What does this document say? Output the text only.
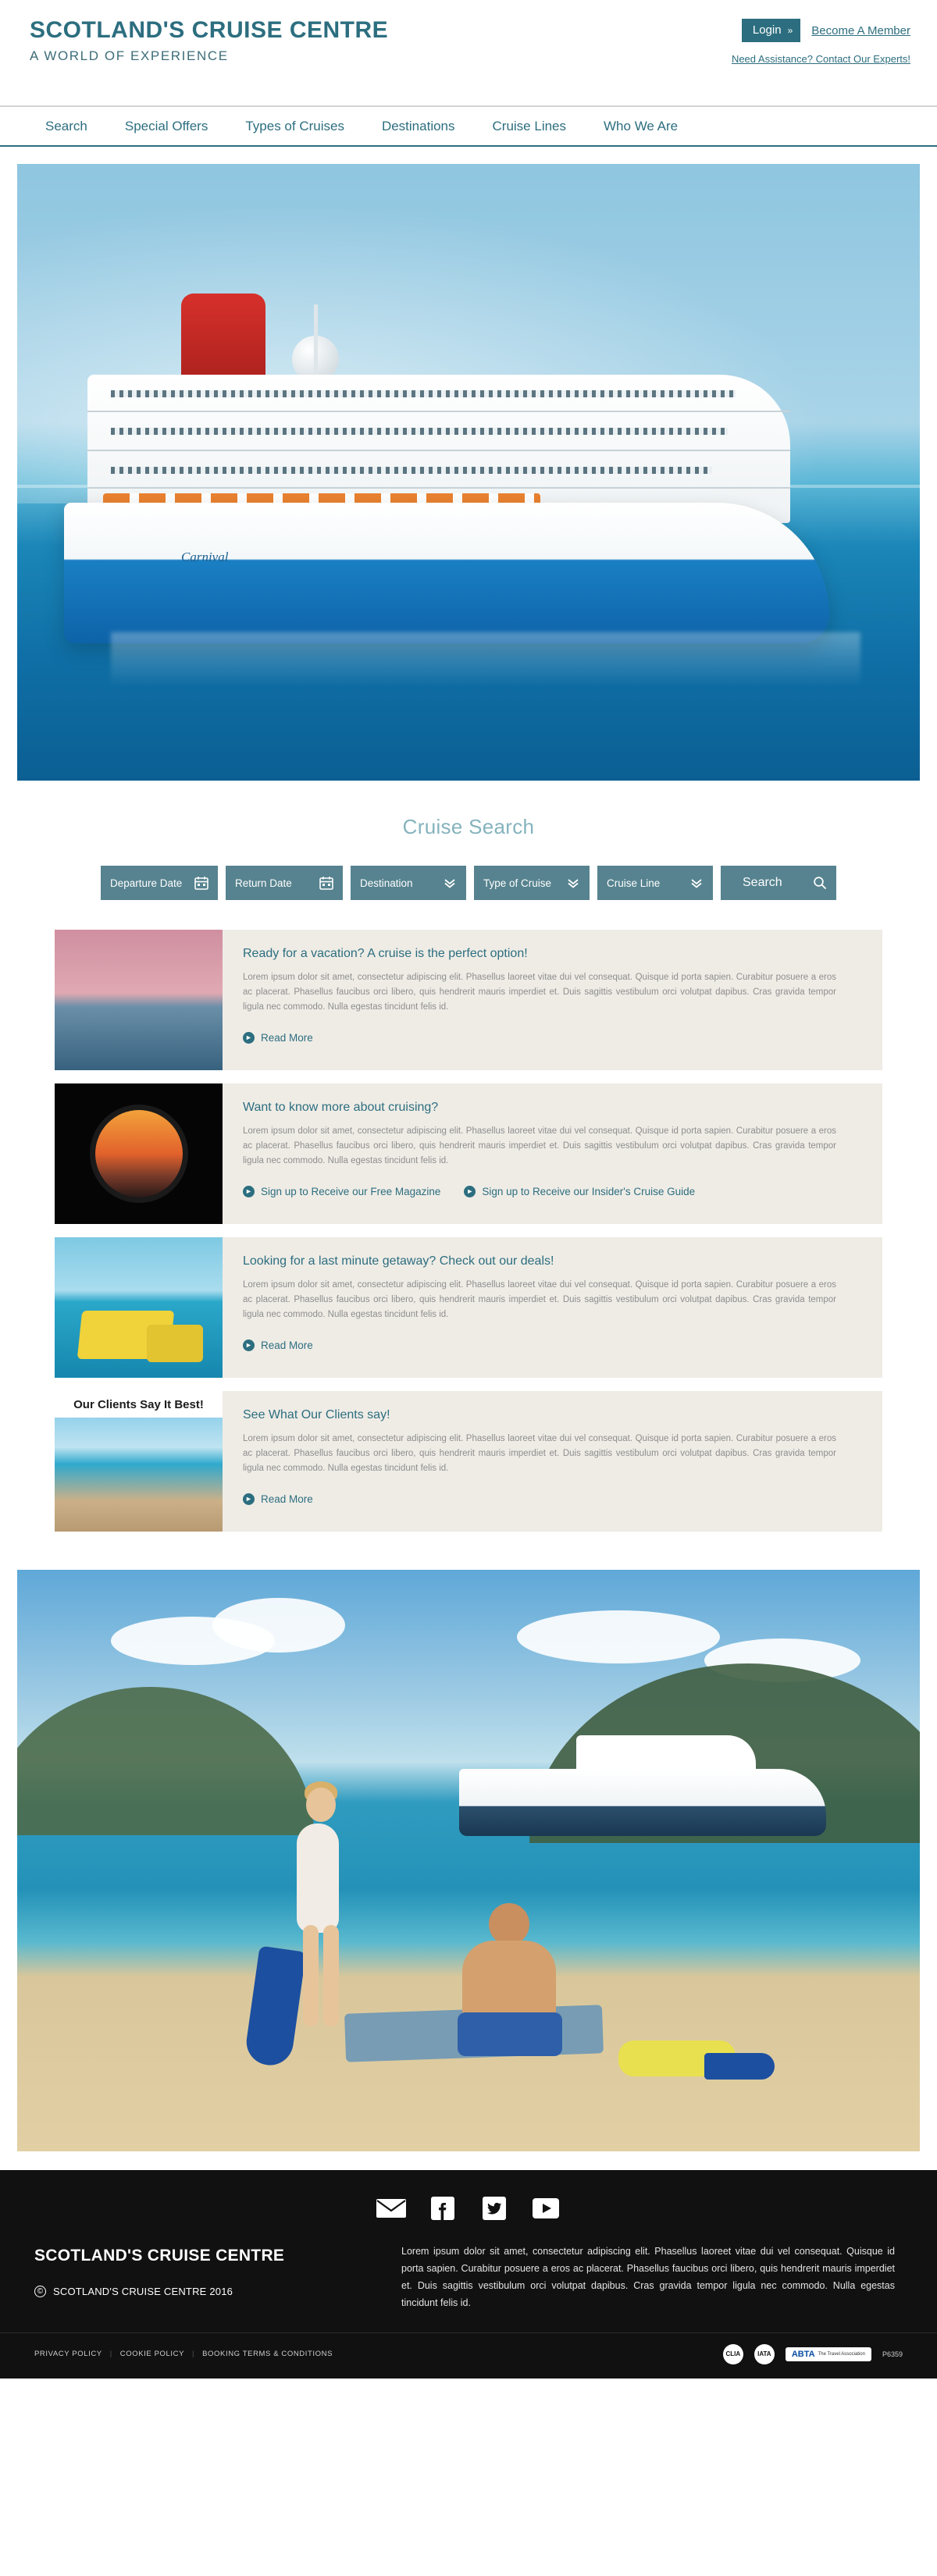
SCOTLAND'S CRUISE CENTRE
A WORLD OF EXPERIENCE
Login » Become A Member
Need Assistance? Contact Our Experts!
Search	Special Offers	Types of Cruises	Destinations	Cruise Lines	Who We Are
Carnival
Cruise Search
Departure Date	Return Date	Destination	Type of Cruise	Cruise Line	Search
Ready for a vacation? A cruise is the perfect option!
Lorem ipsum dolor sit amet, consectetur adipiscing elit. Phasellus laoreet vitae dui vel consequat. Quisque id porta sapien. Curabitur posuere a eros ac placerat. Phasellus faucibus orci libero, quis hendrerit mauris imperdiet et. Duis sagittis vestibulum orci volutpat dapibus. Cras gravida tempor ligula nec commodo. Nulla egestas tincidunt felis id.
► Read More
Want to know more about cruising?
Lorem ipsum dolor sit amet, consectetur adipiscing elit. Phasellus laoreet vitae dui vel consequat. Quisque id porta sapien. Curabitur posuere a eros ac placerat. Phasellus faucibus orci libero, quis hendrerit mauris imperdiet et. Duis sagittis vestibulum orci volutpat dapibus. Cras gravida tempor ligula nec commodo. Nulla egestas tincidunt felis id.
► Sign up to Receive our Free Magazine	► Sign up to Receive our Insider's Cruise Guide
Looking for a last minute getaway? Check out our deals!
Lorem ipsum dolor sit amet, consectetur adipiscing elit. Phasellus laoreet vitae dui vel consequat. Quisque id porta sapien. Curabitur posuere a eros ac placerat. Phasellus faucibus orci libero, quis hendrerit mauris imperdiet et. Duis sagittis vestibulum orci volutpat dapibus. Cras gravida tempor ligula nec commodo. Nulla egestas tincidunt felis id.
► Read More
Our Clients Say It Best!
See What Our Clients say!
Lorem ipsum dolor sit amet, consectetur adipiscing elit. Phasellus laoreet vitae dui vel consequat. Quisque id porta sapien. Curabitur posuere a eros ac placerat. Phasellus faucibus orci libero, quis hendrerit mauris imperdiet et. Duis sagittis vestibulum orci volutpat dapibus. Cras gravida tempor ligula nec commodo. Nulla egestas tincidunt felis id.
► Read More
SCOTLAND'S CRUISE CENTRE
© SCOTLAND'S CRUISE CENTRE 2016
Lorem ipsum dolor sit amet, consectetur adipiscing elit. Phasellus laoreet vitae dui vel consequat. Quisque id porta sapien. Curabitur posuere a eros ac placerat. Phasellus faucibus orci libero, quis hendrerit mauris imperdiet et. Duis sagittis vestibulum orci volutpat dapibus. Cras gravida tempor ligula nec commodo. Nulla egestas tincidunt felis id.
PRIVACY POLICY | COOKIE POLICY | BOOKING TERMS & CONDITIONS	CLIA	IATA	ABTA The Travel Association P6359
